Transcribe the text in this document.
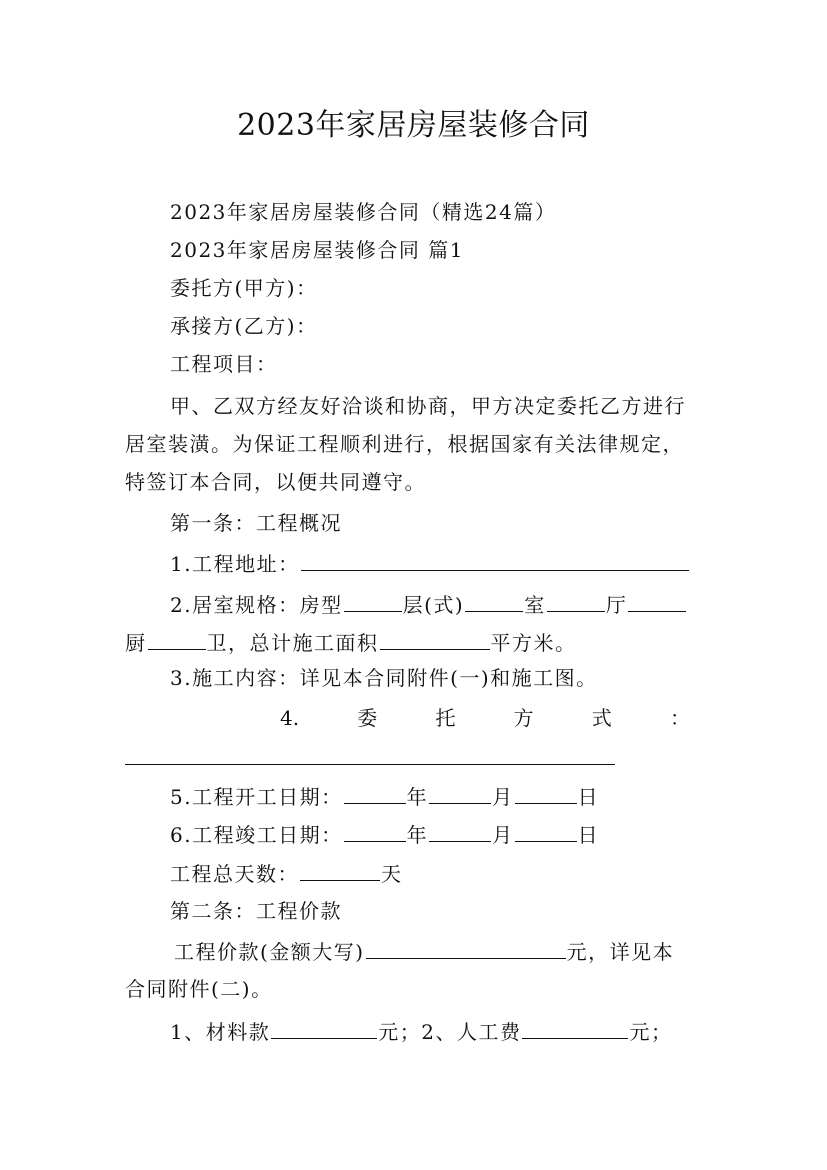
2023年家居房屋装修合同
2023年家居房屋装修合同（精选24篇）
2023年家居房屋装修合同 篇1
委托方(甲方)：
承接方(乙方)：
工程项目：
甲、乙双方经友好洽谈和协商，甲方决定委托乙方进行
居室装潢。为保证工程顺利进行，根据国家有关法律规定，
特签订本合同，以便共同遵守。
第一条：工程概况
1.工程地址：
2.居室规格：房型	层(式)	室	厅
厨	卫，总计施工面积	平方米。
3.施工内容：详见本合同附件(一)和施工图。
4.	委	托	方	式	：
5.工程开工日期：	年	月	日
6.工程竣工日期：	年	月	日
工程总天数：	天
第二条：工程价款
工程价款(金额大写)	元，详见本
合同附件(二)。
1、材料款	元；2、人工费	元；
